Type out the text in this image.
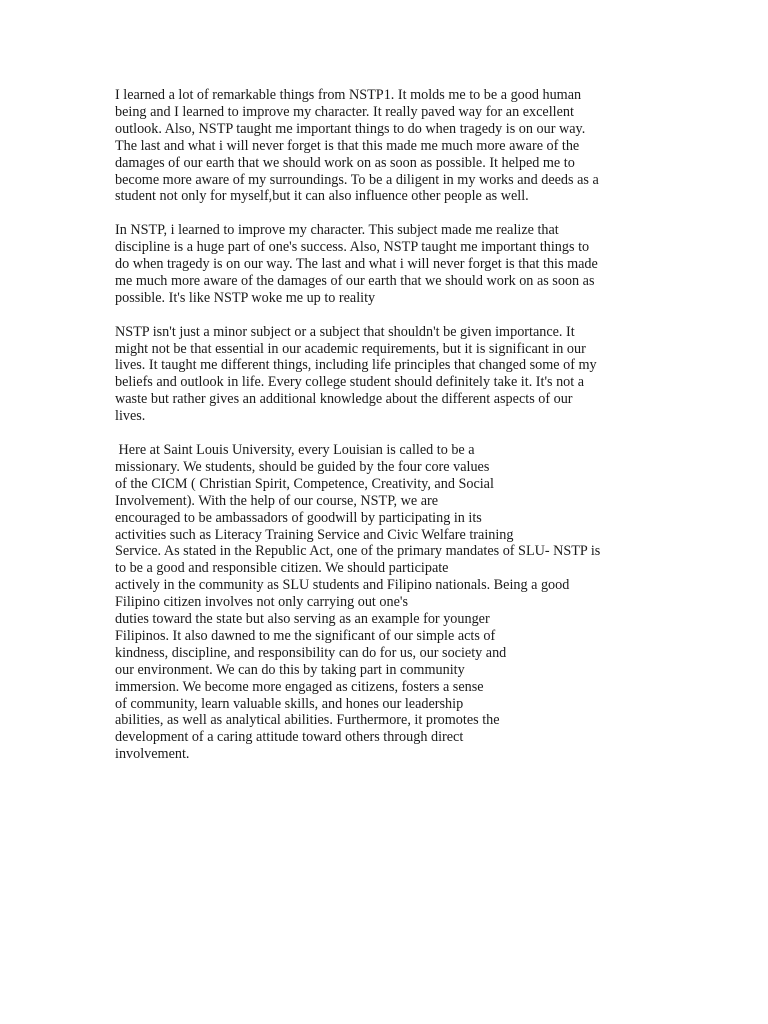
I learned a lot of remarkable things from NSTP1. It molds me to be a good human
being and I learned to improve my character. It really paved way for an excellent
outlook. Also, NSTP taught me important things to do when tragedy is on our way.
The last and what i will never forget is that this made me much more aware of the
damages of our earth that we should work on as soon as possible. It helped me to
become more aware of my surroundings. To be a diligent in my works and deeds as a
student not only for myself,but it can also influence other people as well.
In NSTP, i learned to improve my character. This subject made me realize that
discipline is a huge part of one's success. Also, NSTP taught me important things to
do when tragedy is on our way. The last and what i will never forget is that this made
me much more aware of the damages of our earth that we should work on as soon as
possible. It's like NSTP woke me up to reality
NSTP isn't just a minor subject or a subject that shouldn't be given importance. It
might not be that essential in our academic requirements, but it is significant in our
lives. It taught me different things, including life principles that changed some of my
beliefs and outlook in life. Every college student should definitely take it. It's not a
waste but rather gives an additional knowledge about the different aspects of our
lives.
Here at Saint Louis University, every Louisian is called to be a
missionary. We students, should be guided by the four core values
of the CICM ( Christian Spirit, Competence, Creativity, and Social
Involvement). With the help of our course, NSTP, we are
encouraged to be ambassadors of goodwill by participating in its
activities such as Literacy Training Service and Civic Welfare training
Service. As stated in the Republic Act, one of the primary mandates of SLU- NSTP is
to be a good and responsible citizen. We should participate
actively in the community as SLU students and Filipino nationals. Being a good
Filipino citizen involves not only carrying out one's
duties toward the state but also serving as an example for younger
Filipinos. It also dawned to me the significant of our simple acts of
kindness, discipline, and responsibility can do for us, our society and
our environment. We can do this by taking part in community
immersion. We become more engaged as citizens, fosters a sense
of community, learn valuable skills, and hones our leadership
abilities, as well as analytical abilities. Furthermore, it promotes the
development of a caring attitude toward others through direct
involvement.
